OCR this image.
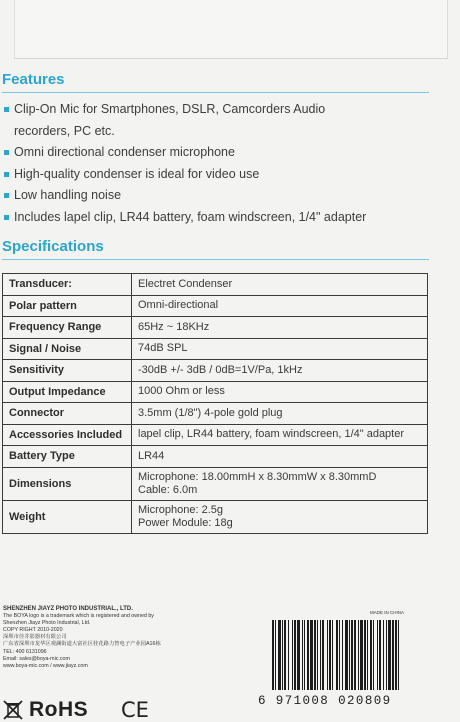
Features
Clip-On Mic for Smartphones, DSLR, Camcorders Audio recorders, PC etc.
Omni directional condenser microphone
High-quality condenser is ideal for video use
Low handling noise
Includes lapel clip, LR44 battery, foam windscreen, 1/4" adapter
Specifications
Transducer:	Electret Condenser

Polar pattern	Omni-directional

Frequency Range	65Hz ~ 18KHz

Signal / Noise	74dB SPL

Sensitivity	-30dB +/- 3dB / 0dB=1V/Pa, 1kHz

Output Impedance	1000 Ohm or less

Connector	3.5mm (1/8") 4-pole gold plug

Accessories Included	lapel clip, LR44 battery, foam windscreen, 1/4" adapter

Battery Type	LR44

Dimensions	Microphone: 18.00mmH x 8.30mmW x 8.30mmD
Cable: 6.0m

Weight	Microphone: 2.5g
Power Module: 18g
SHENZHEN JIAYZ PHOTO INDUSTRIAL., LTD.
The BOYA logo is a trademark which is registered and owned by
Shenzhen Jiayz Photo Industrial, Ltd.
COPY RIGHT 2010-2020
深圳市佳井影器材有限公司
广东省深圳市龙华区观澜街道大富社区桂花路力智电子产业园A16栋
TEL: 400 6131096
Email: sales@boya-mic.com
www.boya-mic.com / www.jiayz.com
RoHS CE
MADE IN CHINA
6 971008 020809
